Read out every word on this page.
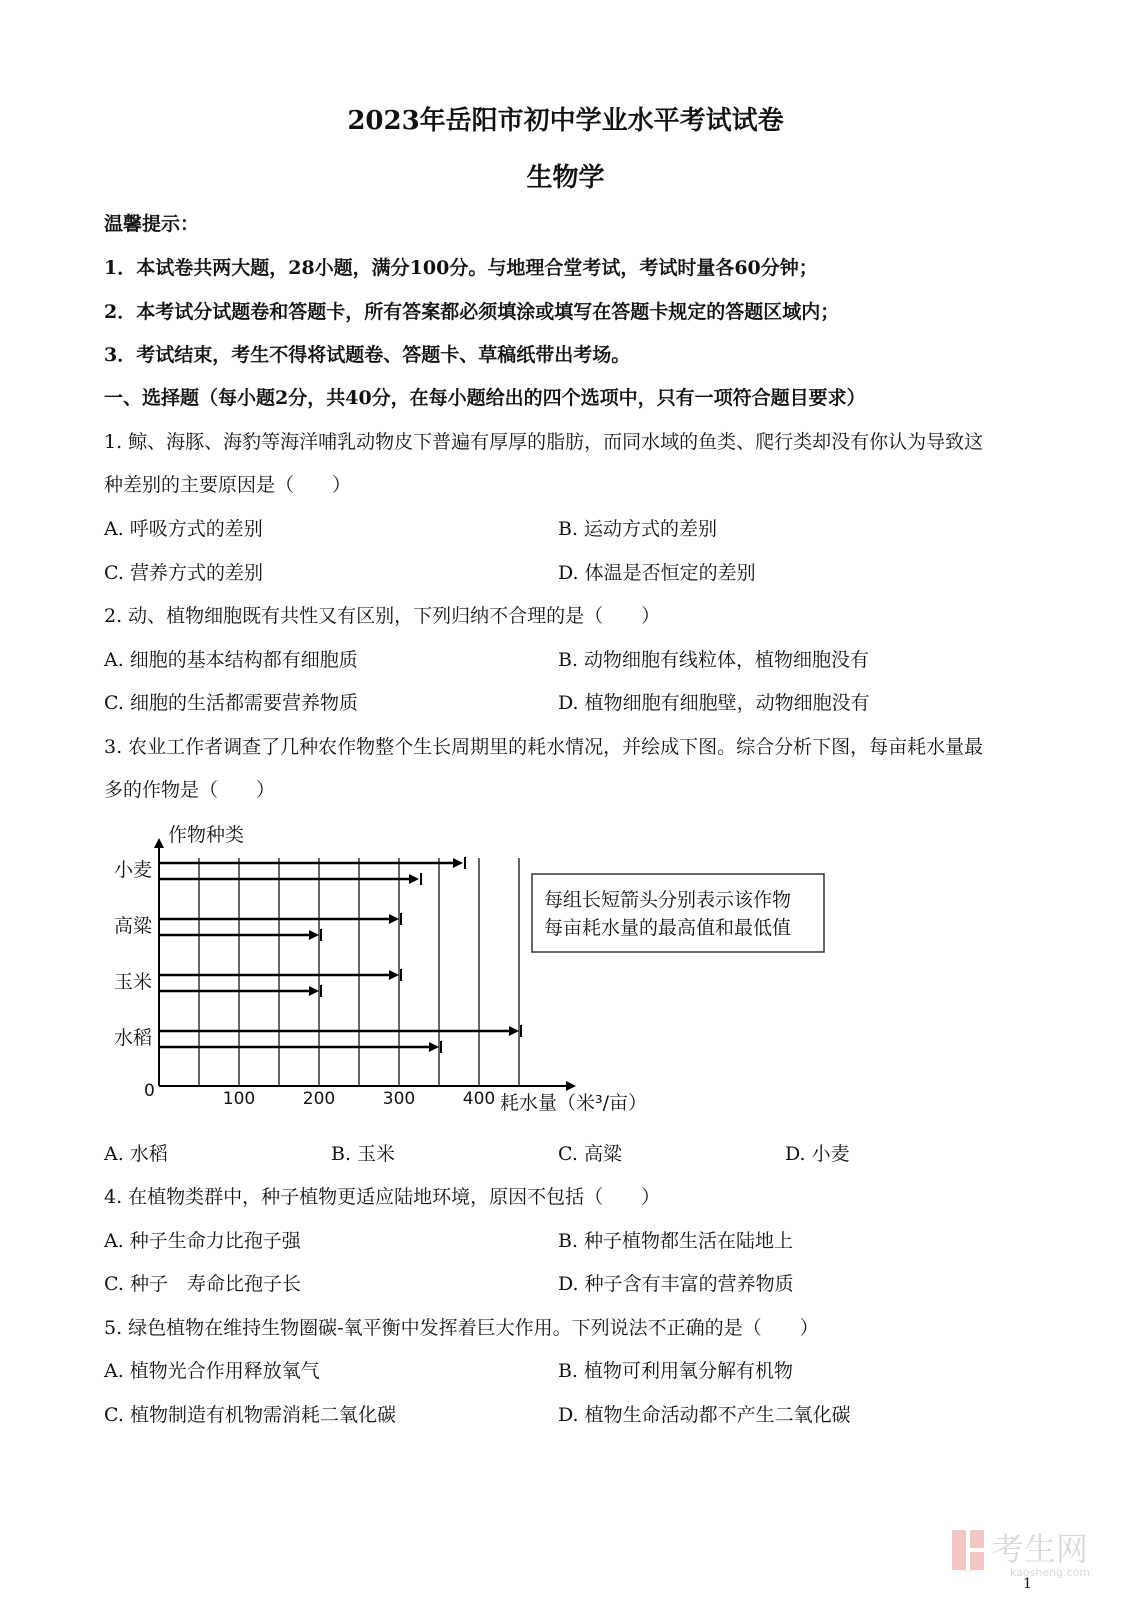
2023年岳阳市初中学业水平考试试卷
生物学
温馨提示：
1．本试卷共两大题，28小题，满分100分。与地理合堂考试，考试时量各60分钟；
2．本考试分试题卷和答题卡，所有答案都必须填涂或填写在答题卡规定的答题区域内；
3．考试结束，考生不得将试题卷、答题卡、草稿纸带出考场。
一、选择题（每小题2分，共40分，在每小题给出的四个选项中，只有一项符合题目要求）
1. 鲸、海豚、海豹等海洋哺乳动物皮下普遍有厚厚的脂肪，而同水域的鱼类、爬行类却没有你认为导致这
种差别的主要原因是（　　）
A. 呼吸方式的差别	B. 运动方式的差别
C. 营养方式的差别	D. 体温是否恒定的差别
2. 动、植物细胞既有共性又有区别，下列归纳不合理的是（　　）
A. 细胞的基本结构都有细胞质	B. 动物细胞有线粒体，植物细胞没有
C. 细胞的生活都需要营养物质	D. 植物细胞有细胞壁，动物细胞没有
3. 农业工作者调查了几种农作物整个生长周期里的耗水情况，并绘成下图。综合分析下图，每亩耗水量最
多的作物是（　　）
作物种类
耗水量（米³/亩）
0	100	200	300	400
小麦
高粱
玉米
水稻
每组长短箭头分别表示该作物
每亩耗水量的最高值和最低值
A. 水稻	B. 玉米	C. 高粱	D. 小麦
4. 在植物类群中，种子植物更适应陆地环境，原因不包括（　　）
A. 种子生命力比孢子强	B. 种子植物都生活在陆地上
C. 种子　寿命比孢子长	D. 种子含有丰富的营养物质
5. 绿色植物在维持生物圈碳-氧平衡中发挥着巨大作用。下列说法不正确的是（　　）
A. 植物光合作用释放氧气	B. 植物可利用氧分解有机物
C. 植物制造有机物需消耗二氧化碳	D. 植物生命活动都不产生二氧化碳
考生网
kaosheng.com
1
